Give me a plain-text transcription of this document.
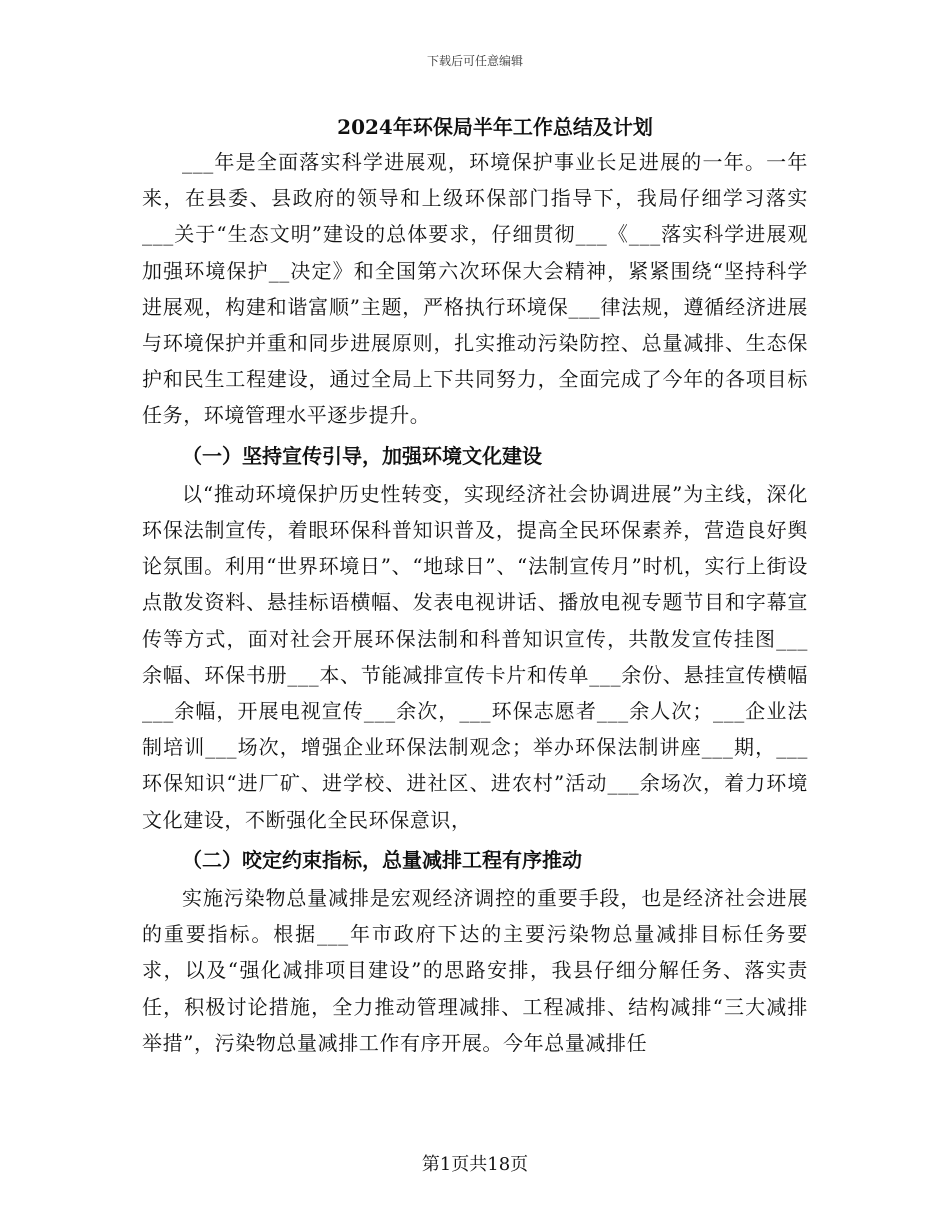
下载后可任意编辑
2024年环保局半年工作总结及计划

___年是全面落实科学进展观，环境保护事业长足进展的一年。一年来，在县委、县政府的领导和上级环保部门指导下，我局仔细学习落实___关于“生态文明”建设的总体要求，仔细贯彻___《___落实科学进展观加强环境保护__决定》和全国第六次环保大会精神，紧紧围绕“坚持科学进展观，构建和谐富顺”主题，严格执行环境保___律法规，遵循经济进展与环境保护并重和同步进展原则，扎实推动污染防控、总量减排、生态保护和民生工程建设，通过全局上下共同努力，全面完成了今年的各项目标任务，环境管理水平逐步提升。

（一）坚持宣传引导，加强环境文化建设

以“推动环境保护历史性转变，实现经济社会协调进展”为主线，深化环保法制宣传，着眼环保科普知识普及，提高全民环保素养，营造良好舆论氛围。利用“世界环境日”、“地球日”、“法制宣传月”时机，实行上街设点散发资料、悬挂标语横幅、发表电视讲话、播放电视专题节目和字幕宣传等方式，面对社会开展环保法制和科普知识宣传，共散发宣传挂图___余幅、环保书册___本、节能减排宣传卡片和传单___余份、悬挂宣传横幅___余幅，开展电视宣传___余次，___环保志愿者___余人次；___企业法制培训___场次，增强企业环保法制观念；举办环保法制讲座___期，___环保知识“进厂矿、进学校、进社区、进农村”活动___余场次，着力环境文化建设，不断强化全民环保意识，

（二）咬定约束指标，总量减排工程有序推动

实施污染物总量减排是宏观经济调控的重要手段，也是经济社会进展的重要指标。根据___年市政府下达的主要污染物总量减排目标任务要求，以及“强化减排项目建设”的思路安排，我县仔细分解任务、落实责任，积极讨论措施，全力推动管理减排、工程减排、结构减排“三大减排举措”，污染物总量减排工作有序开展。今年总量减排任

第1页共18页
